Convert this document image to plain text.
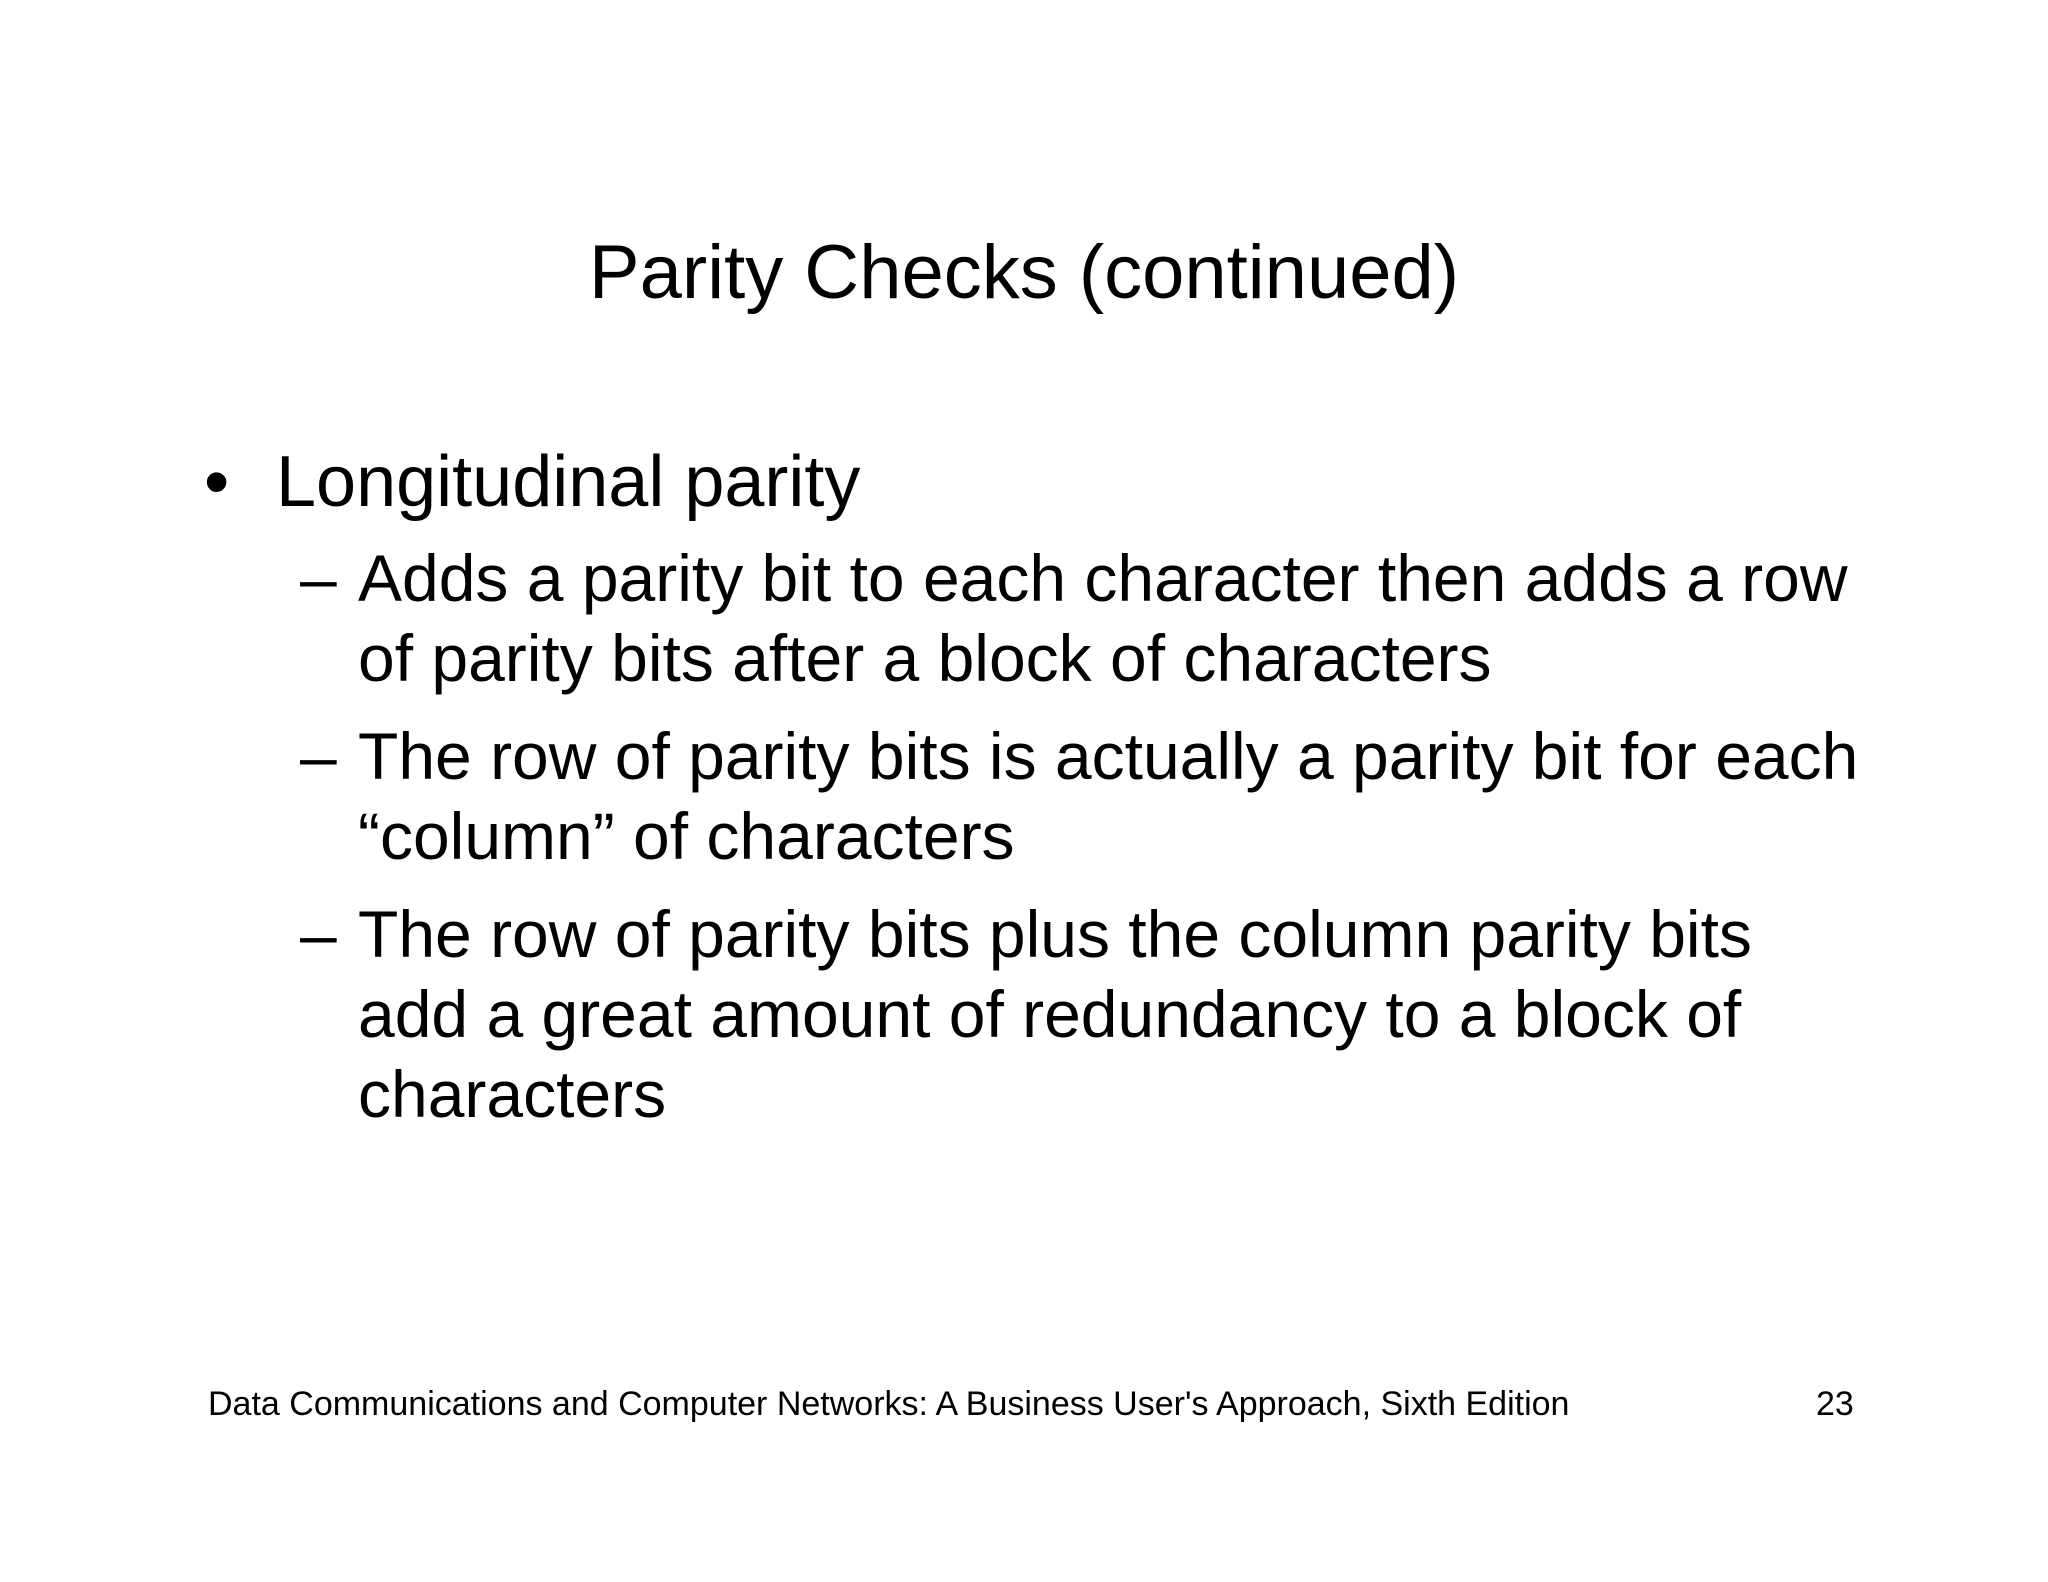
Parity Checks (continued)
• Longitudinal parity
– Adds a parity bit to each character then adds a row of parity bits after a block of characters
– The row of parity bits is actually a parity bit for each “column” of characters
– The row of parity bits plus the column parity bits add a great amount of redundancy to a block of characters
Data Communications and Computer Networks: A Business User's Approach, Sixth Edition	23
